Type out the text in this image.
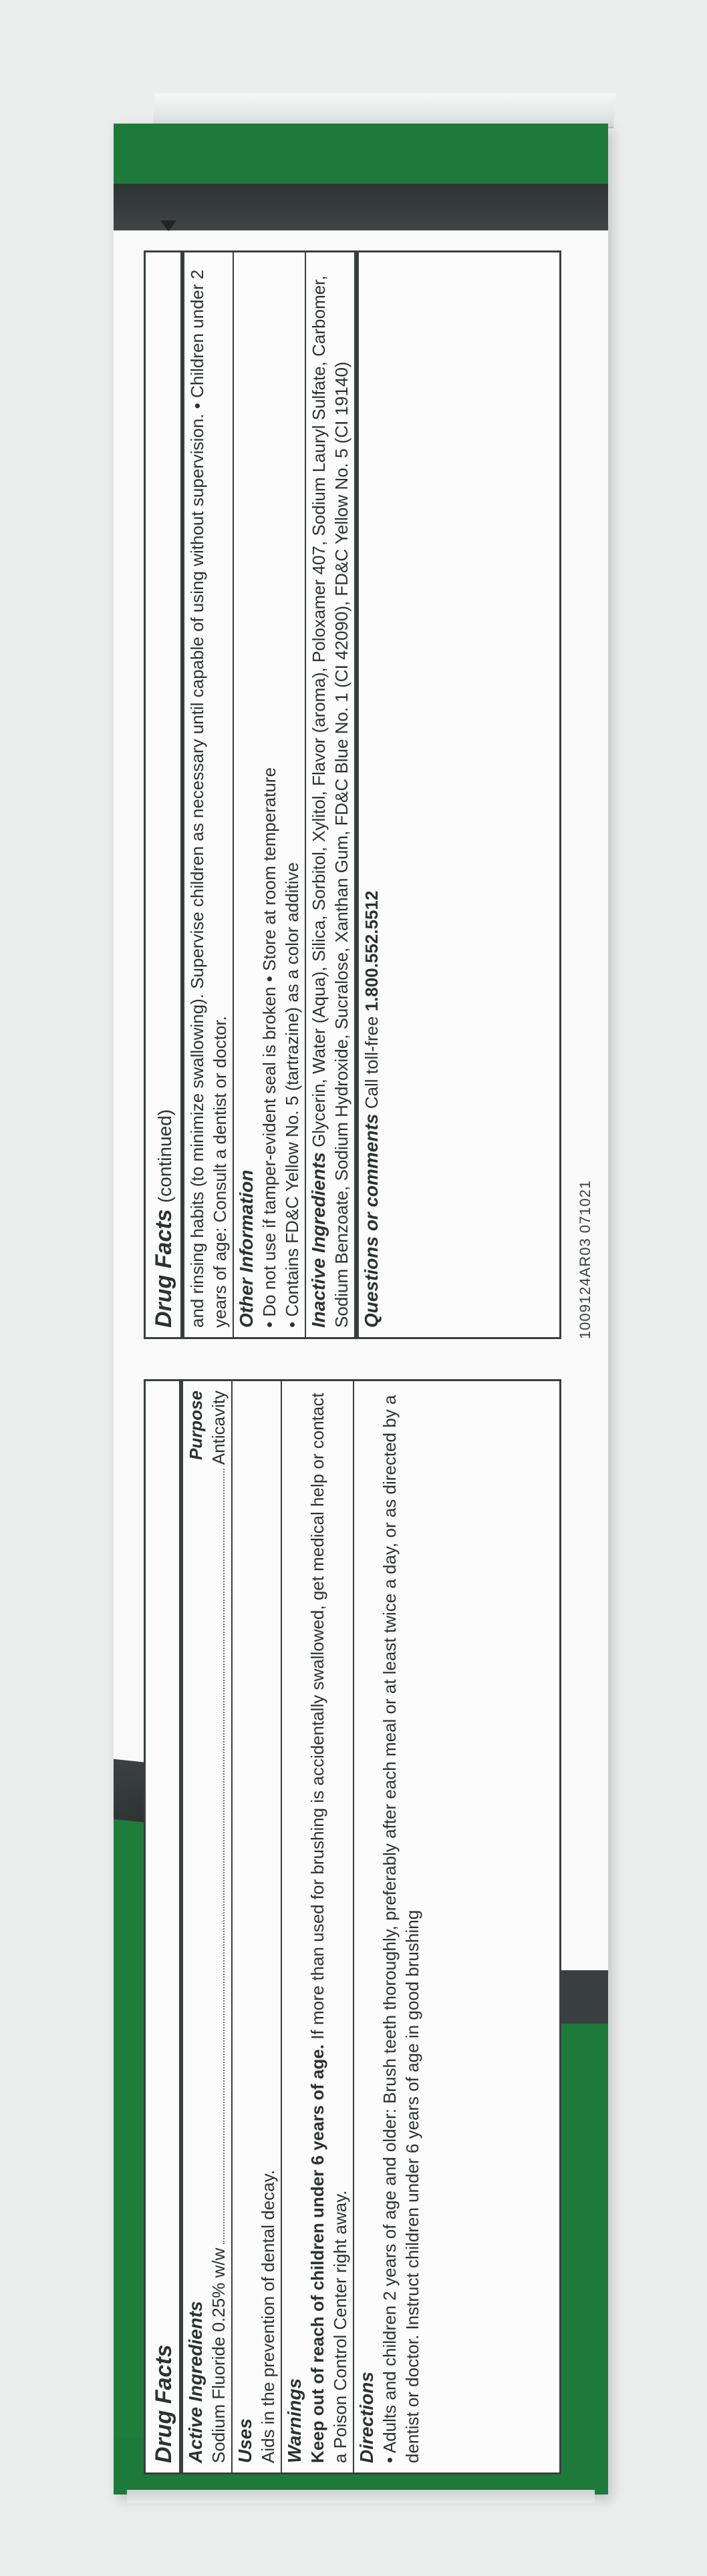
Drug Facts Active Ingredients
Purpose
Sodium Fluoride 0.25% w/w
Anticavity
Uses Aids in the prevention of dental decay. Warnings Keep out of reach of children under 6 years of age. If more than used for brushing is accidentally swallowed, get medical help or contact a Poison Control Center right away. Directions • Adults and children 2 years of age and older: Brush teeth thoroughly, preferably after each meal or at least twice a day, or as directed by a dentist or doctor. Instruct children under 6 years of age in good brushing
Drug Facts (continued) and rinsing habits (to minimize swallowing). Supervise children as necessary until capable of using without supervision. • Children under 2 years of age: Consult a dentist or doctor. Other Information • Do not use if tamper-evident seal is broken • Store at room temperature • Contains FD&C Yellow No. 5 (tartrazine) as a color additive Inactive Ingredients Glycerin, Water (Aqua), Silica, Sorbitol, Xylitol, Flavor (aroma), Poloxamer 407, Sodium Lauryl Sulfate, Carbomer, Sodium Benzoate, Sodium Hydroxide, Sucralose, Xanthan Gum, FD&C Blue No. 1 (CI 42090), FD&C Yellow No. 5 (CI 19140) Questions or comments Call toll-free 1.800.552.5512
1009124AR03 071021
